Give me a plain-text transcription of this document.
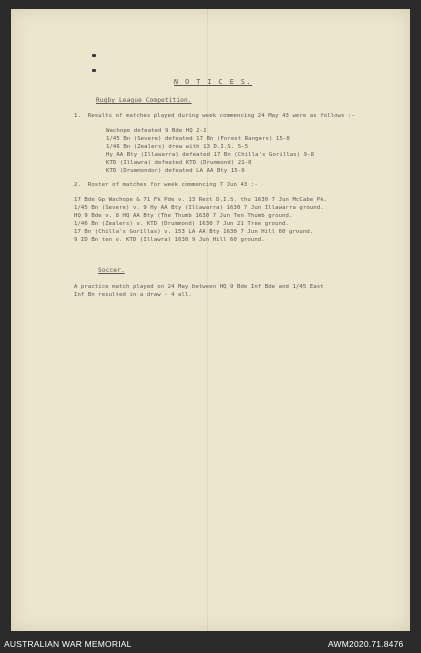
N O T I C E S.
Rugby League Competition.
1.  Results of matches played during week commencing 24 May 43 were as follows :-
Wachope defeated 9 Bde HQ 2-2
1/45 Bn (Severe) defeated 17 Bn (Forest Rangers) 15-0
1/46 Bn (Zealers) drew with 13 D.I.S. 5-5
Hy AA Bty (Illawarra) defeated 17 Bn (Chilla's Gorillas) 9-8
KTD (Illawra) defeated KTD (Drummond) 21-0
KTD (Drummondor) defeated LA AA Bty 15-0
2.  Roster of matches for week commencing 7 Jun 43 :-
17 Bde Gp Wachope & 71 Fk Pde v. 13 Rest D.I.S. thu 1630 7 Jun McCabe Pk.
1/45 Bn (Severe) v. 9 Hy AA Bty (Illawarra) 1630 7 Jun Illawarra ground.
HQ 9 Bde v. 8 HQ AA Bty (The Thumb 1630 7 Jun Ten Thumb ground.
1/46 Bn (Zealers) v. KTD (Drummond) 1630 7 Jun 21 Tree ground.
17 Bn (Chilla's Gorillas) v. 153 LA AA Bty 1630 7 Jun Hill 60 ground.
9 ID Bn ten v. KTD (Illawra) 1630 9 Jun Hill 60 ground.
Soccer.
A practice match played on 24 May between HQ 9 Bde Inf Bde and 1/45 East
Inf Bn resulted in a draw - 4 all.
AUSTRALIAN WAR MEMORIAL	AWM2020.71.8476
